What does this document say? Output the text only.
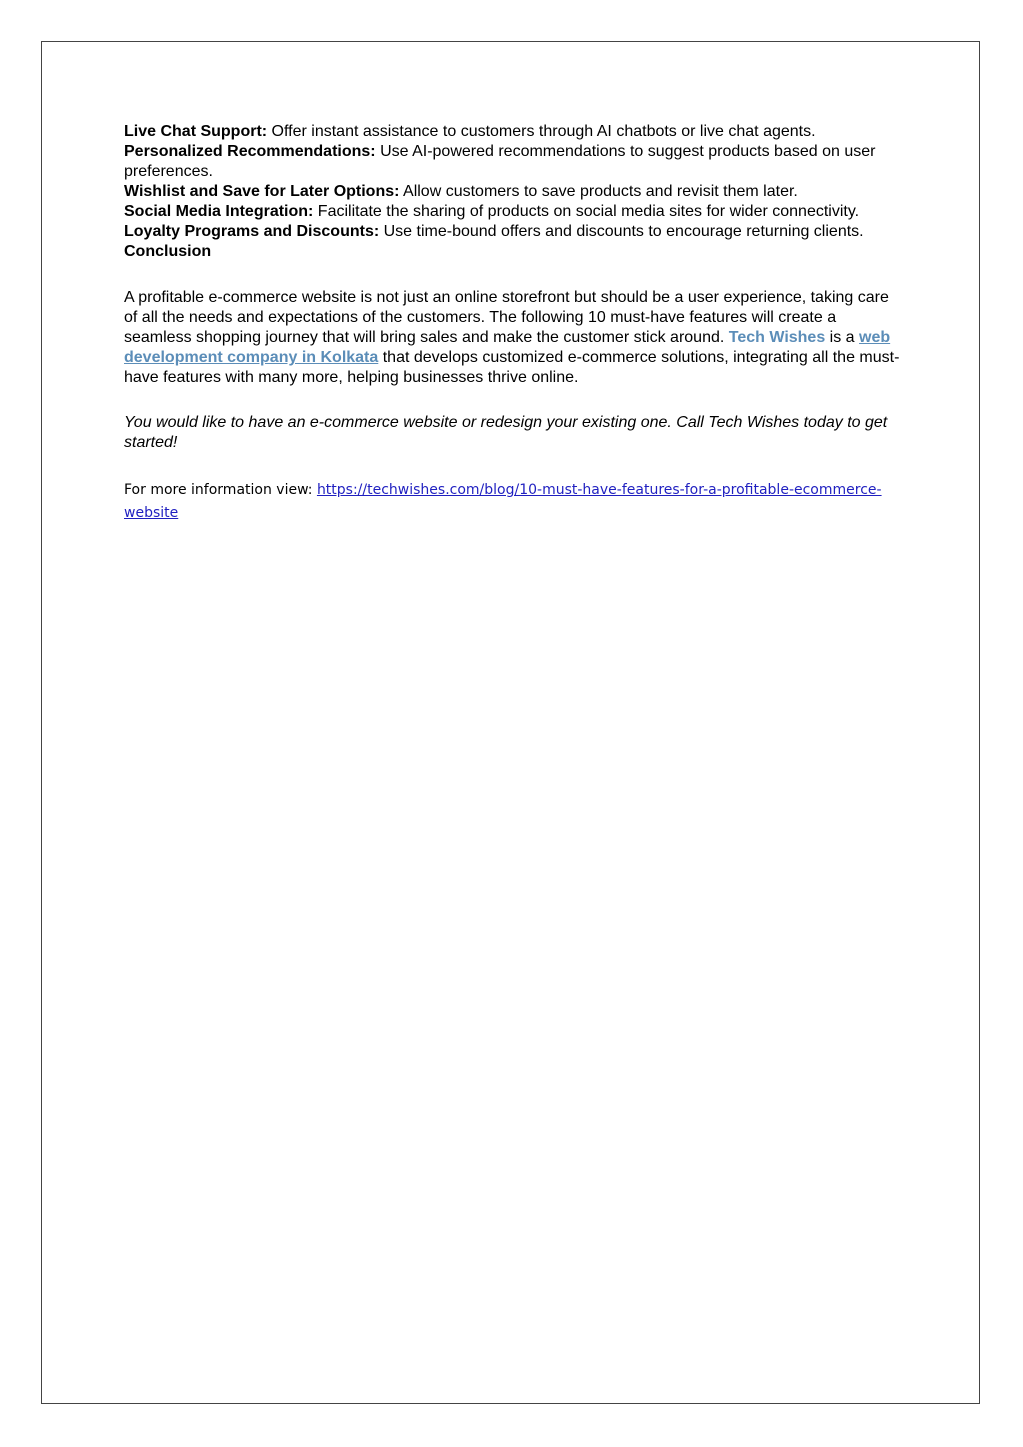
Live Chat Support: Offer instant assistance to customers through AI chatbots or live chat agents.

Personalized Recommendations: Use AI-powered recommendations to suggest products based on user preferences.

Wishlist and Save for Later Options: Allow customers to save products and revisit them later.

Social Media Integration: Facilitate the sharing of products on social media sites for wider connectivity.

Loyalty Programs and Discounts: Use time-bound offers and discounts to encourage returning clients.

Conclusion

A profitable e-commerce website is not just an online storefront but should be a user experience, taking care of all the needs and expectations of the customers. The following 10 must-have features will create a seamless shopping journey that will bring sales and make the customer stick around. Tech Wishes is a web development company in Kolkata that develops customized e-commerce solutions, integrating all the must-have features with many more, helping businesses thrive online.

You would like to have an e-commerce website or redesign your existing one. Call Tech Wishes today to get started!

For more information view: https://techwishes.com/blog/10-must-have-features-for-a-profitable-ecommerce-website
